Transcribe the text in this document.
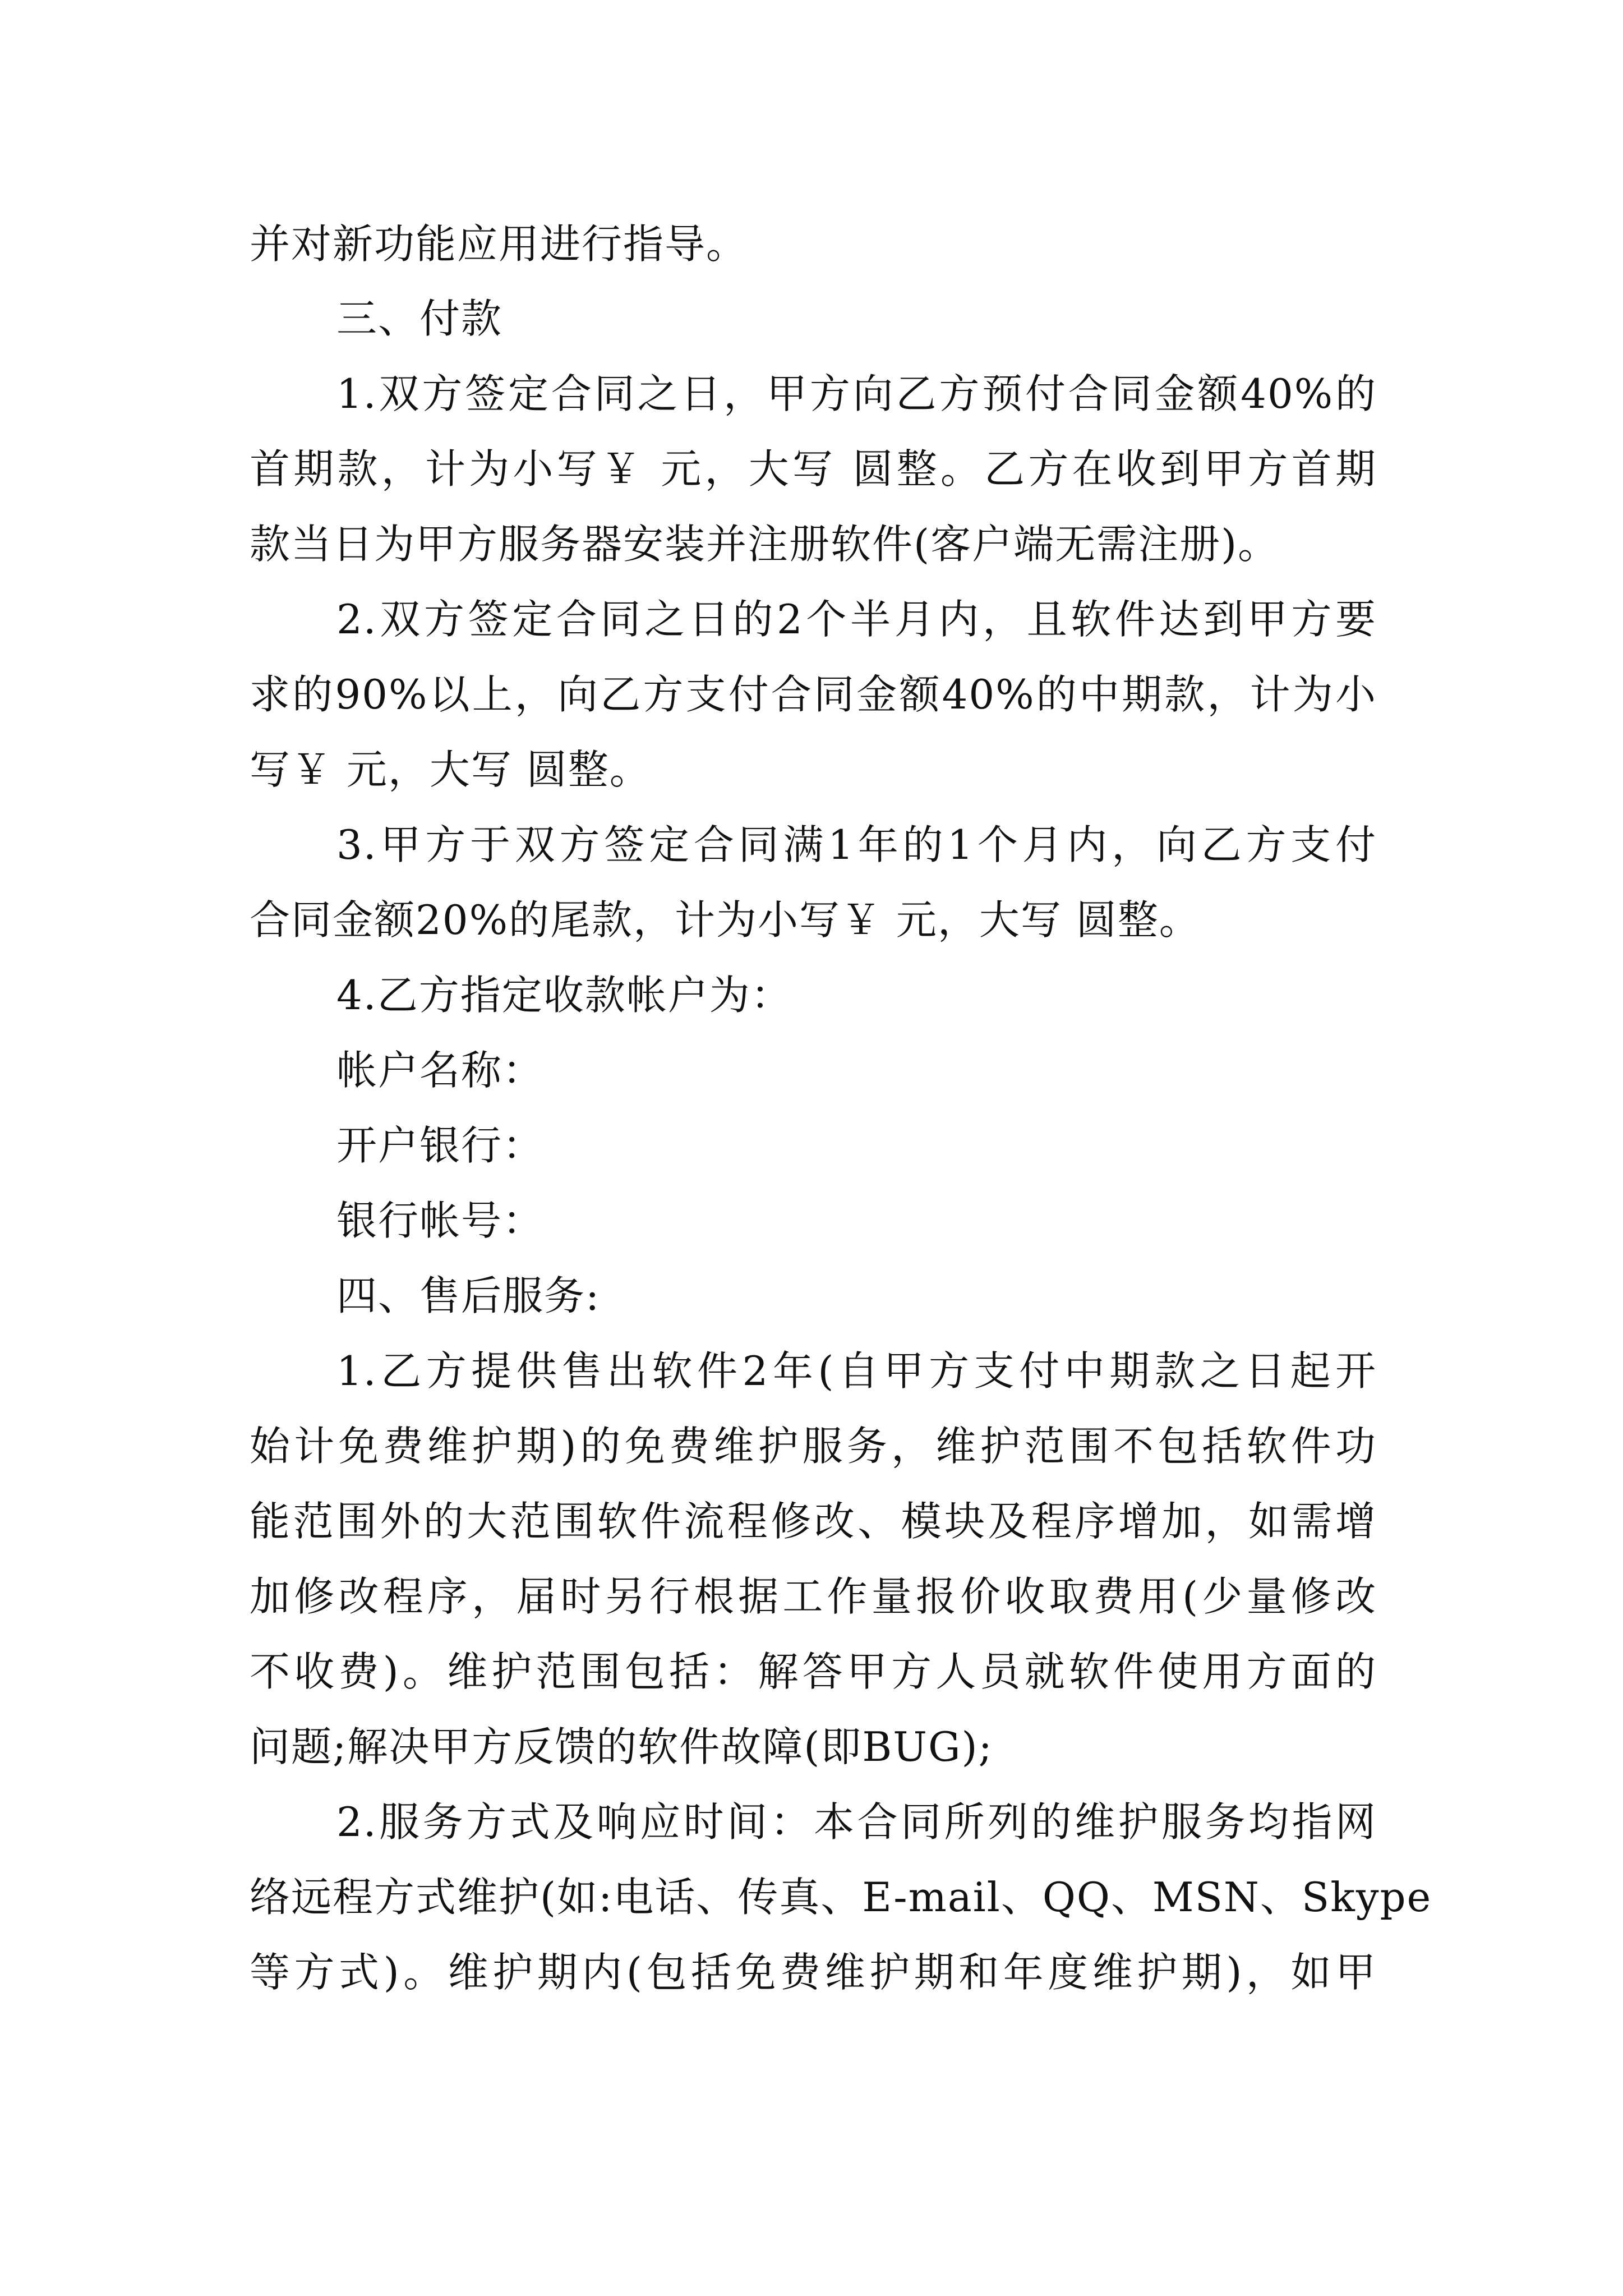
并对新功能应用进行指导。
三、付款
1.双方签定合同之日，甲方向乙方预付合同金额40%的
首期款，计为小写￥ 元，大写 圆整。乙方在收到甲方首期
款当日为甲方服务器安装并注册软件(客户端无需注册)。
2.双方签定合同之日的2个半月内，且软件达到甲方要
求的90%以上，向乙方支付合同金额40%的中期款，计为小
写￥ 元，大写 圆整。
3.甲方于双方签定合同满1年的1个月内，向乙方支付
合同金额20%的尾款，计为小写￥ 元，大写 圆整。
4.乙方指定收款帐户为：
帐户名称：
开户银行：
银行帐号：
四、售后服务:
1.乙方提供售出软件2年(自甲方支付中期款之日起开
始计免费维护期)的免费维护服务，维护范围不包括软件功
能范围外的大范围软件流程修改、模块及程序增加，如需增
加修改程序，届时另行根据工作量报价收取费用(少量修改
不收费)。维护范围包括：解答甲方人员就软件使用方面的
问题;解决甲方反馈的软件故障(即BUG);
2.服务方式及响应时间：本合同所列的维护服务均指网
络远程方式维护(如:电话、传真、E-mail、QQ、MSN、Skype
等方式)。维护期内(包括免费维护期和年度维护期)，如甲
